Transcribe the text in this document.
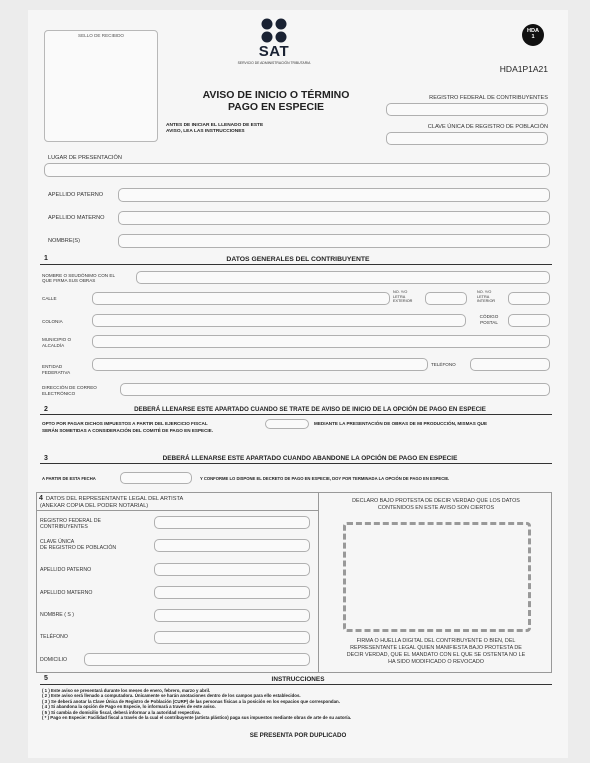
SELLO DE RECIBIDO
SAT
SERVICIO DE ADMINISTRACIÓN TRIBUTARIA
HDA
1
HDA1P1A21
AVISO DE INICIO O TÉRMINO
PAGO EN ESPECIE
ANTES DE INICIAR EL LLENADO DE ESTE
AVISO, LEA LAS INSTRUCCIONES
REGISTRO FEDERAL DE CONTRIBUYENTES
CLAVE ÚNICA DE REGISTRO DE POBLACIÓN
LUGAR DE PRESENTACIÓN
APELLIDO PATERNO
APELLIDO MATERNO
NOMBRE(S)
1	DATOS GENERALES DEL CONTRIBUYENTE
NOMBRE O SEUDÓNIMO CON EL
QUE FIRMA SUS OBRAS
CALLE
NO. Y/O
LETRA
EXTERIOR
NO. Y/O
LETRA
INTERIOR
COLONIA
CÓDIGO
POSTAL
MUNICIPIO O
ALCALDÍA
ENTIDAD
FEDERATIVA
TELÉFONO
DIRECCIÓN DE CORREO
ELECTRÓNICO
2	DEBERÁ LLENARSE ESTE APARTADO CUANDO SE TRATE DE AVISO DE INICIO DE LA OPCIÓN DE PAGO EN ESPECIE
OPTO POR PAGAR DICHOS IMPUESTOS A PARTIR DEL EJERCICIO FISCAL	MEDIANTE LA PRESENTACIÓN DE OBRAS DE MI PRODUCCIÓN, MISMAS QUE
SERÁN SOMETIDAS A CONSIDERACIÓN DEL COMITÉ DE PAGO EN ESPECIE.
3	DEBERÁ LLENARSE ESTE APARTADO CUANDO ABANDONE LA OPCIÓN DE PAGO EN ESPECIE
A PARTIR DE ESTA FECHA	Y CONFORME LO DISPONE EL DECRETO DE PAGO EN ESPECIE, DOY POR TERMINADA LA OPCIÓN DE PAGO EN ESPECIE.
4 DATOS DEL REPRESENTANTE LEGAL DEL ARTISTA
(ANEXAR COPIA DEL PODER NOTARIAL)
REGISTRO FEDERAL DE
CONTRIBUYENTES
CLAVE ÚNICA
DE REGISTRO DE POBLACIÓN
APELLIDO PATERNO
APELLIDO MATERNO
NOMBRE ( S )
TELÉFONO
DOMICILIO
DECLARO BAJO PROTESTA DE DECIR VERDAD QUE LOS DATOS
CONTENIDOS EN ESTE AVISO SON CIERTOS
FIRMA O HUELLA DIGITAL DEL CONTRIBUYENTE O BIEN, DEL
REPRESENTANTE LEGAL QUIEN MANIFIESTA BAJO PROTESTA DE
DECIR VERDAD, QUE EL MANDATO CON EL QUE SE OSTENTA NO LE
HA SIDO MODIFICADO O REVOCADO
5	INSTRUCCIONES
( 1 ) Este aviso se presentará durante los meses de enero, febrero, marzo y abril.
( 2 ) Este aviso será llenado a computadora. Únicamente se harán anotaciones dentro de los campos para ello establecidos.
( 3 ) Se deberá anotar la Clave Única de Registro de Población (CURP) de las personas físicas a la posición en los espacios que correspondan.
( 4 ) Si abandona la opción de Pago en Especie, lo informará a través de este aviso.
( 5 ) Si cambia de domicilio fiscal, deberá informar a la autoridad respectiva.
( * ) Pago en Especie: Facilidad fiscal a través de la cual el contribuyente (artista plástico) paga sus impuestos mediante obras de arte de su autoría.
SE PRESENTA POR DUPLICADO
